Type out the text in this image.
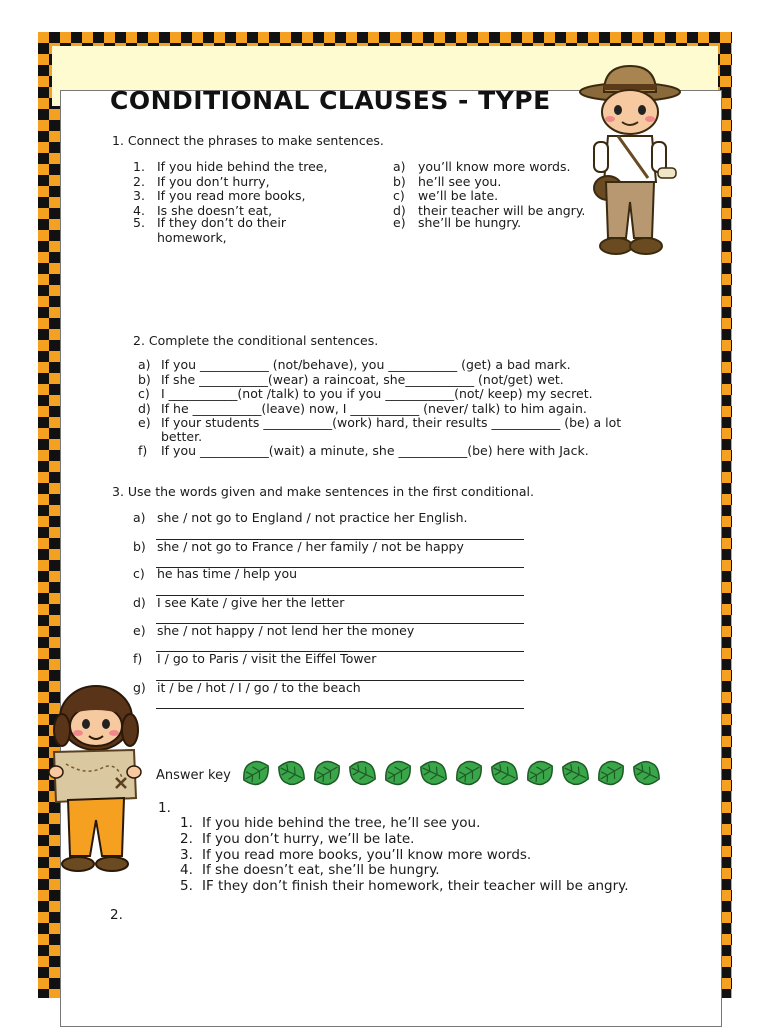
CONDITIONAL CLAUSES - TYPE
1. Connect the phrases to make sentences.
1. If you hide behind the tree,
2. If you don’t hurry,
3. If you read more books,
4. Is she doesn’t eat,
5. If they don’t do their
homework,
a) you’ll know more words.
b) he’ll see you.
c) we’ll be late.
d) their teacher will be angry.
e) she’ll be hungry.
2. Complete the conditional sentences.
a) If you ___________ (not/behave), you ___________ (get) a bad mark.
b) If she ___________(wear) a raincoat, she___________ (not/get) wet.
c) I ___________(not /talk) to you if you ___________(not/ keep) my secret.
d) If he ___________(leave) now, I ___________ (never/ talk) to him again.
e) If your students ___________(work) hard, their results ___________ (be) a lot
better.
f) If you ___________(wait) a minute, she ___________(be) here with Jack.
3. Use the words given and make sentences in the first conditional.
a) she / not go to England / not practice her English.
b) she / not go to France / her family / not be happy
c) he has time / help you
d) I see Kate / give her the letter
e) she / not happy / not lend her the money
f) I / go to Paris / visit the Eiffel Tower
g) it / be / hot / I / go / to the beach
Answer key
1.
1. If you hide behind the tree, he’ll see you.
2. If you don’t hurry, we’ll be late.
3. If you read more books, you’ll know more words.
4. If she doesn’t eat, she’ll be hungry.
5. IF they don’t finish their homework, their teacher will be angry.
2.
